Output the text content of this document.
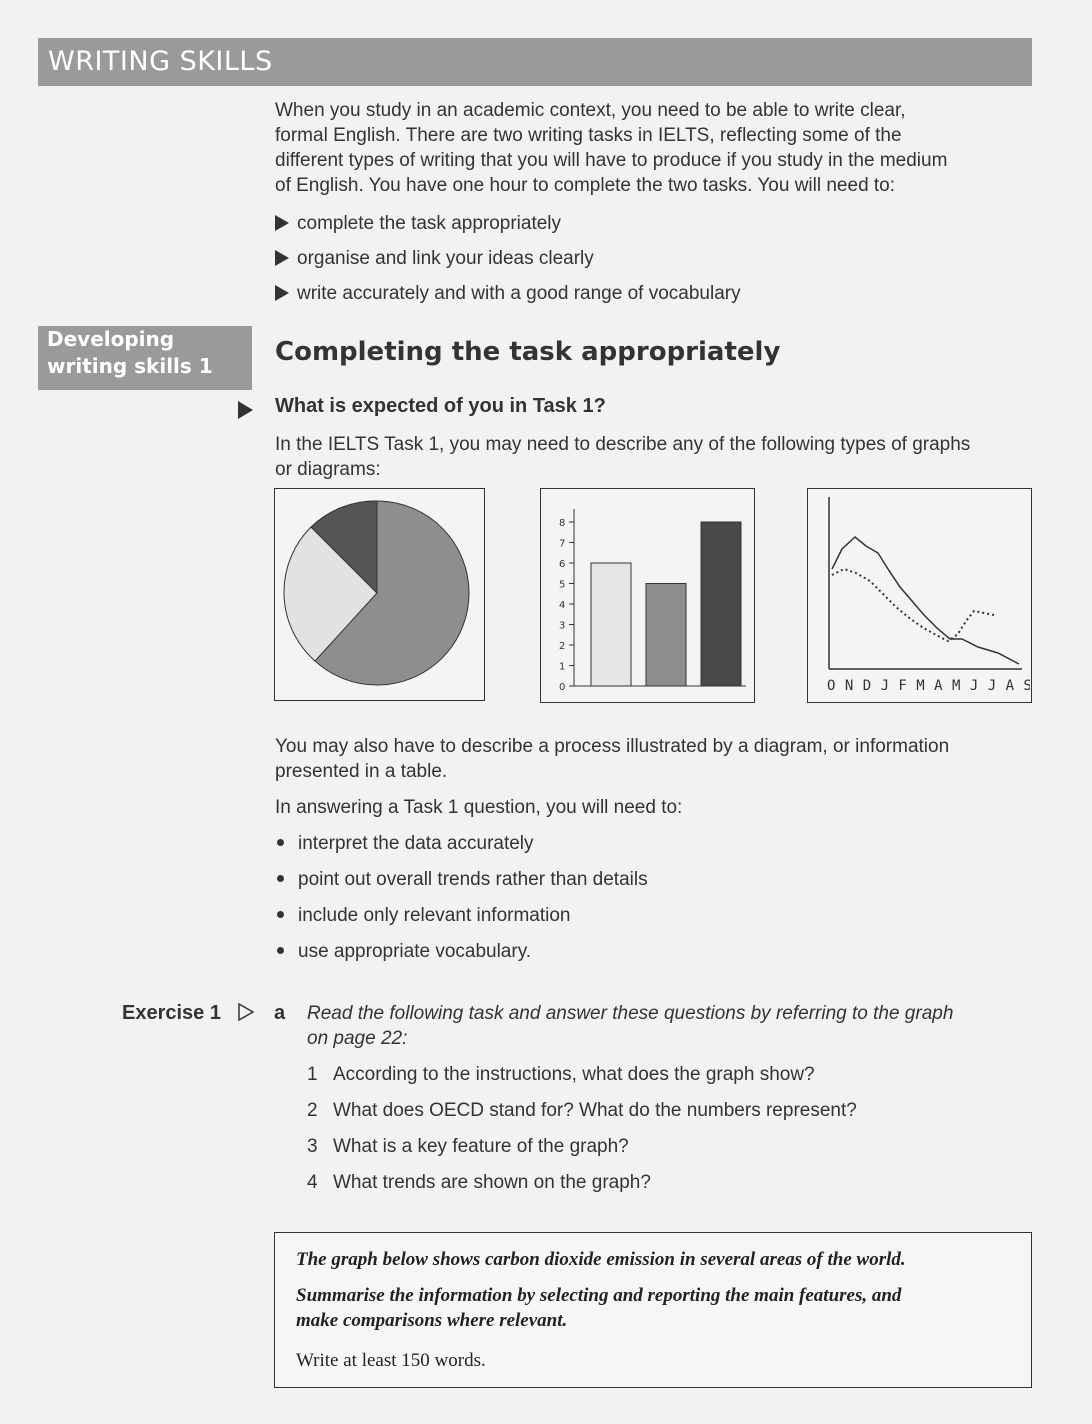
WRITING SKILLS
When you study in an academic context, you need to be able to write clear,
formal English. There are two writing tasks in IELTS, reflecting some of the
different types of writing that you will have to produce if you study in the medium
of English. You have one hour to complete the two tasks. You will need to:
complete the task appropriately
organise and link your ideas clearly
write accurately and with a good range of vocabulary
Developing
writing skills 1	Completing the task appropriately
What is expected of you in Task 1?
In the IELTS Task 1, you may need to describe any of the following types of graphs
or diagrams:
0
1
2
3
4
5
6
7
8
O N D J F M A M J J A S
You may also have to describe a process illustrated by a diagram, or information
presented in a table.
In answering a Task 1 question, you will need to:
interpret the data accurately
point out overall trends rather than details
include only relevant information
use appropriate vocabulary.
Exercise 1	a Read the following task and answer these questions by referring to the graph
on page 22:
1 According to the instructions, what does the graph show?
2 What does OECD stand for? What do the numbers represent?
3 What is a key feature of the graph?
4 What trends are shown on the graph?
The graph below shows carbon dioxide emission in several areas of the world.
Summarise the information by selecting and reporting the main features, and
make comparisons where relevant.
Write at least 150 words.
